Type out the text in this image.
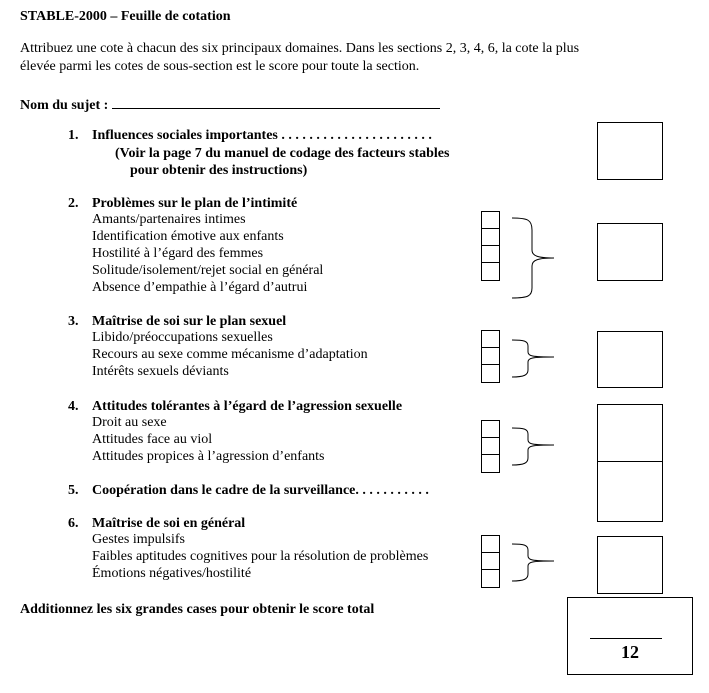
STABLE-2000 – Feuille de cotation
Attribuez une cote à chacun des six principaux domaines. Dans les sections 2, 3, 4, 6, la cote la plus
élevée parmi les cotes de sous-section est le score pour toute la section.
Nom du sujet :
1. Influences sociales importantes . . . . . . . . . . . . . . . . . . . . . .
(Voir la page 7 du manuel de codage des facteurs stables
pour obtenir des instructions)
2. Problèmes sur le plan de l’intimité
Amants/partenaires intimes
Identification émotive aux enfants
Hostilité à l’égard des femmes
Solitude/isolement/rejet social en général
Absence d’empathie à l’égard d’autrui
3. Maîtrise de soi sur le plan sexuel
Libido/préoccupations sexuelles
Recours au sexe comme mécanisme d’adaptation
Intérêts sexuels déviants
4. Attitudes tolérantes à l’égard de l’agression sexuelle
Droit au sexe
Attitudes face au viol
Attitudes propices à l’agression d’enfants
5. Coopération dans le cadre de la surveillance. . . . . . . . . . .
6. Maîtrise de soi en général
Gestes impulsifs
Faibles aptitudes cognitives pour la résolution de problèmes
Émotions négatives/hostilité
Additionnez les six grandes cases pour obtenir le score total
12
